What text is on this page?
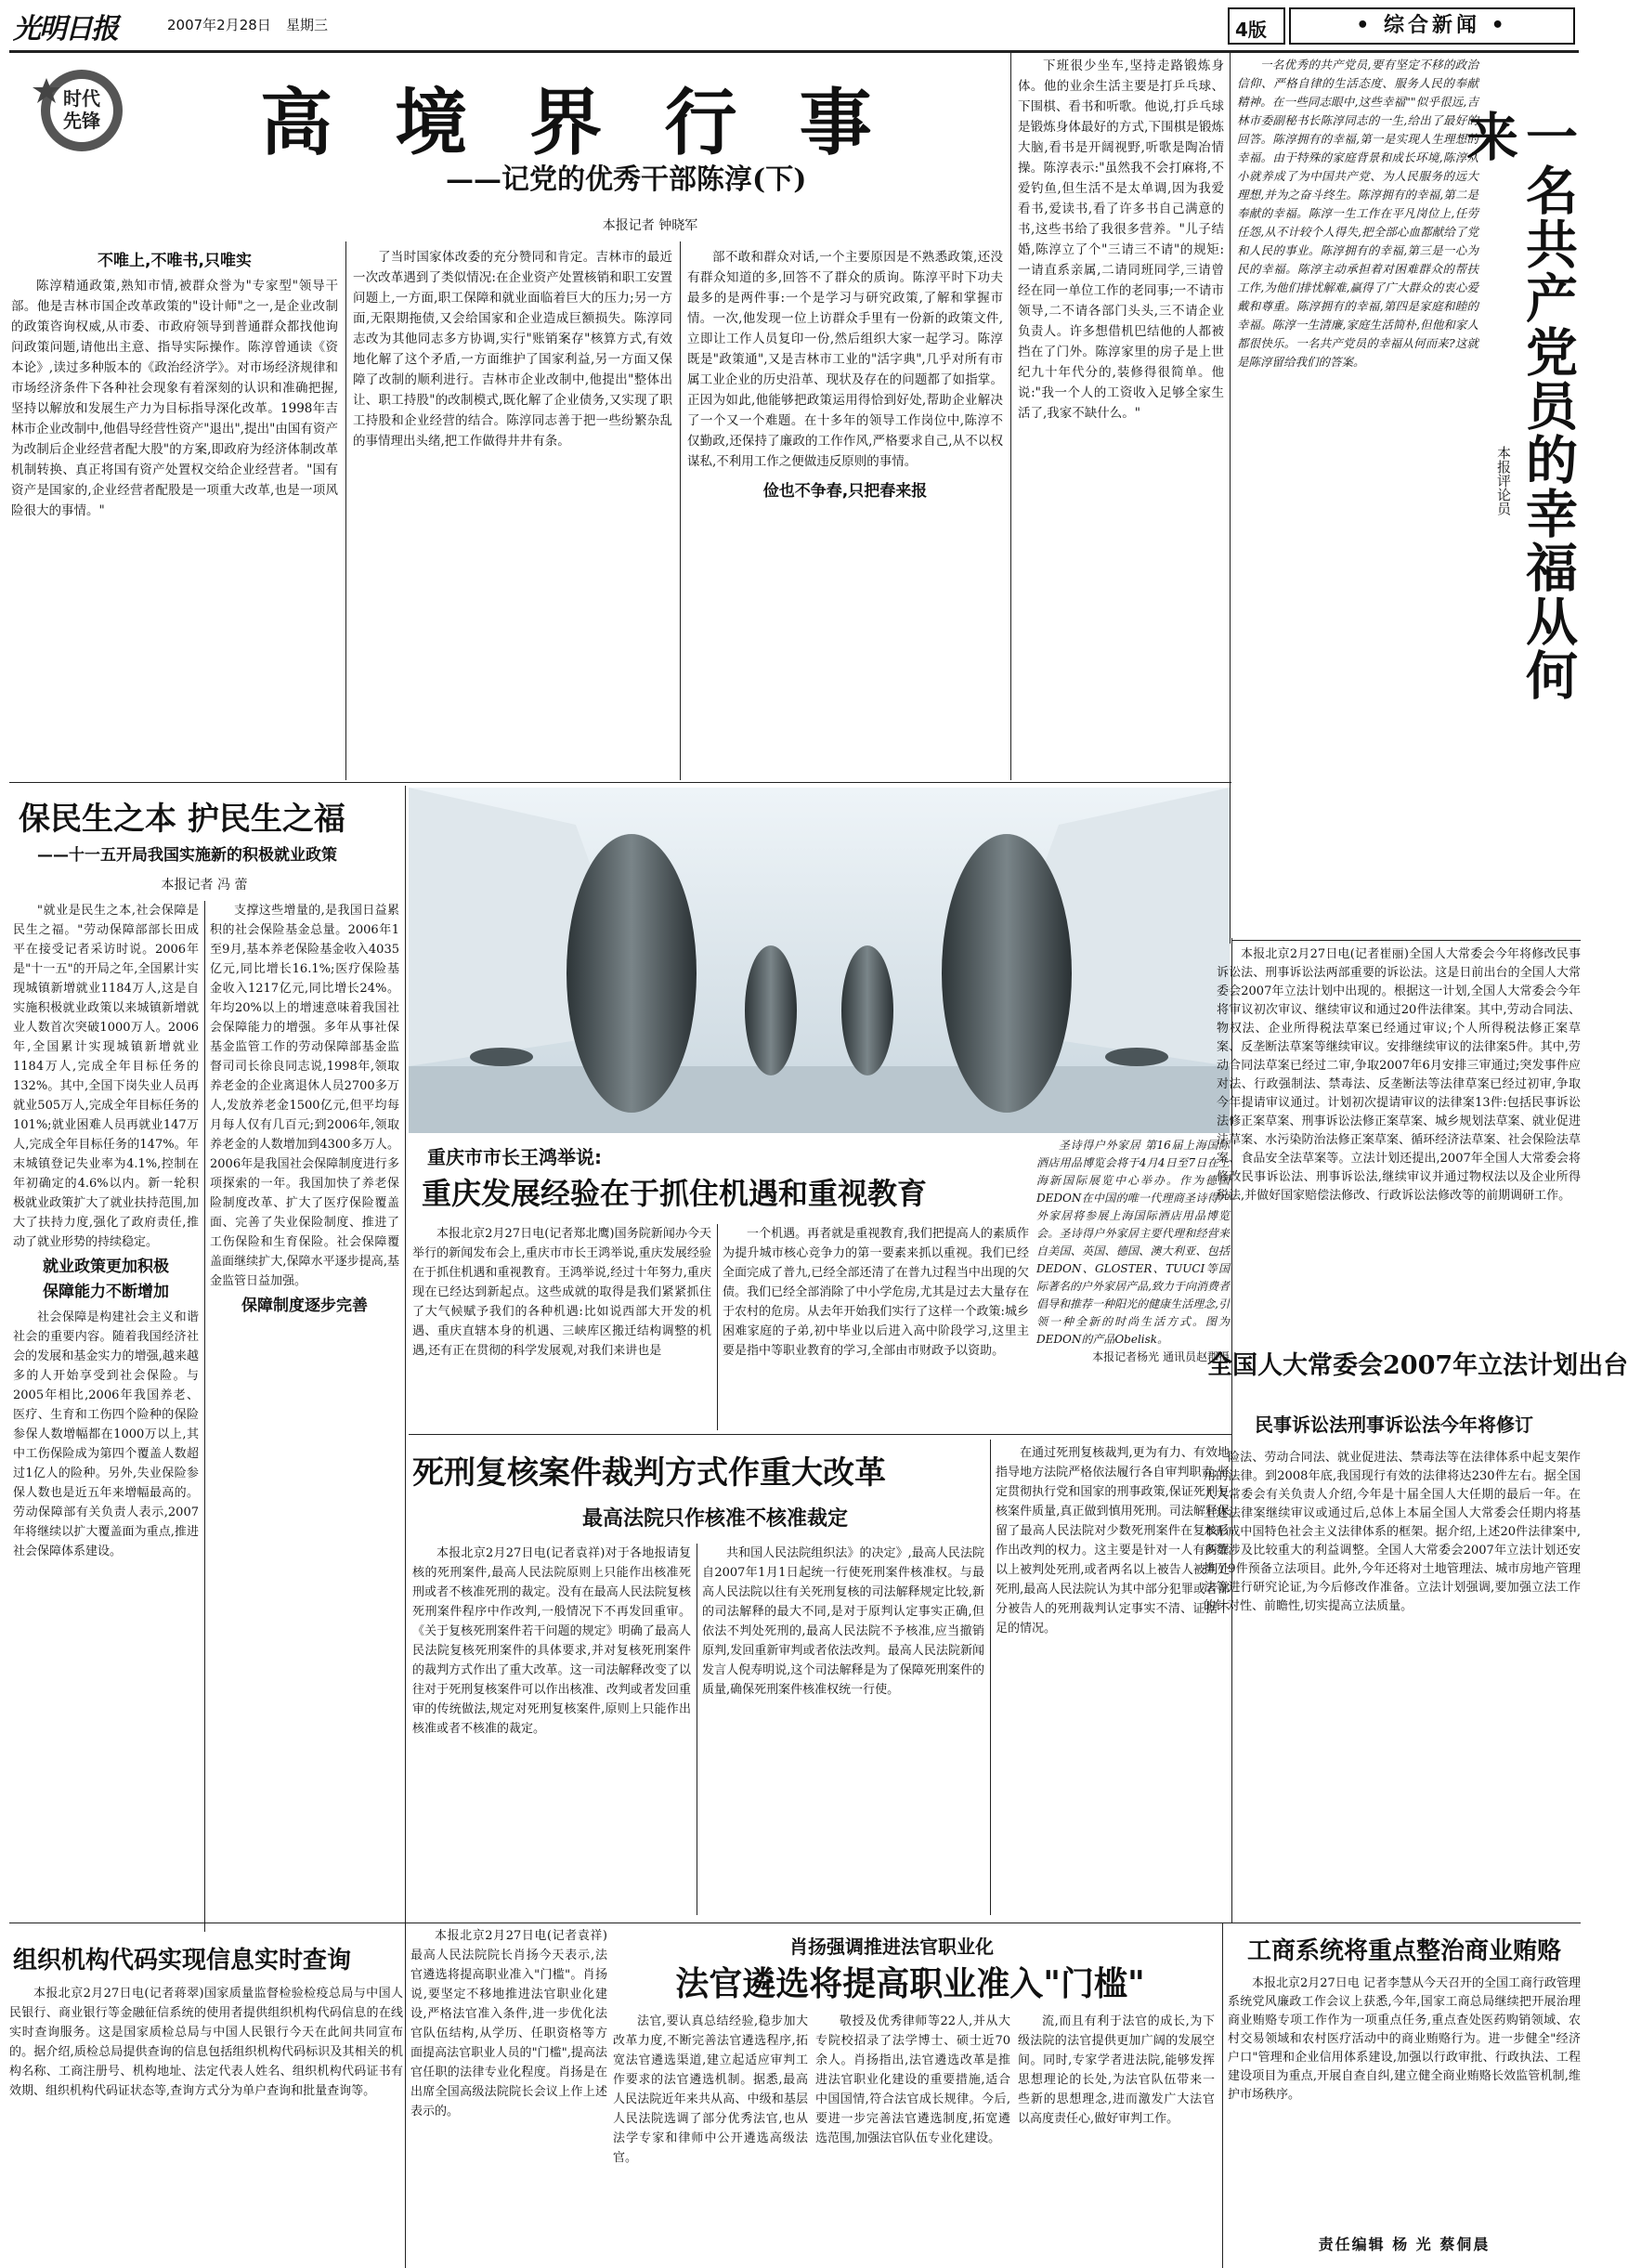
光明日报	2007年2月28日 星期三	4版	• 综合新闻 •
时代先锋 高 境 界 行 事
——记党的优秀干部陈淳(下)
本报记者 钟晓军
不唯上,不唯书,只唯实

陈淳精通政策,熟知市情,被群众誉为"专家型"领导干部。他是吉林市国企改革政策的"设计师"之一,是企业改制的政策咨询权威,从市委、市政府领导到普通群众都找他询问政策问题,请他出主意、指导实际操作。陈淳曾通读《资本论》,读过多种版本的《政治经济学》。对市场经济规律和市场经济条件下各种社会现象有着深刻的认识和准确把握,坚持以解放和发展生产力为目标指导深化改革。1998年吉林市企业改制中,他倡导经营性资产"退出",提出"由国有资产为改制后企业经营者配大股"的方案,即政府为经济体制改革机制转换、真正将国有资产处置权交给企业经营者。"国有资产是国家的,企业经营者配股是一项重大改革,也是一项风险很大的事情。"

了当时国家体改委的充分赞同和肯定。吉林市的最近一次改革遇到了类似情况:在企业资产处置核销和职工安置问题上,一方面,职工保障和就业面临着巨大的压力;另一方面,无限期拖债,又会给国家和企业造成巨额损失。陈淳同志改为其他同志多方协调,实行"账销案存"核算方式,有效地化解了这个矛盾,一方面维护了国家利益,另一方面又保障了改制的顺利进行。吉林市企业改制中,他提出"整体出让、职工持股"的改制模式,既化解了企业债务,又实现了职工持股和企业经营的结合。陈淳同志善于把一些纷繁杂乱的事情理出头绪,把工作做得井井有条。

部不敢和群众对话,一个主要原因是不熟悉政策,还没有群众知道的多,回答不了群众的质询。陈淳平时下功夫最多的是两件事:一个是学习与研究政策,了解和掌握市情。一次,他发现一位上访群众手里有一份新的政策文件,立即让工作人员复印一份,然后组织大家一起学习。陈淳既是"政策通",又是吉林市工业的"活字典",几乎对所有市属工业企业的历史沿革、现状及存在的问题都了如指掌。正因为如此,他能够把政策运用得恰到好处,帮助企业解决了一个又一个难题。在十多年的领导工作岗位中,陈淳不仅勤政,还保持了廉政的工作作风,严格要求自己,从不以权谋私,不利用工作之便做违反原则的事情。

俭也不争春,只把春来报

下班很少坐车,坚持走路锻炼身体。他的业余生活主要是打乒乓球、下围棋、看书和听歌。他说,打乒乓球是锻炼身体最好的方式,下围棋是锻炼大脑,看书是开阔视野,听歌是陶冶情操。陈淳表示:"虽然我不会打麻将,不爱钓鱼,但生活不是太单调,因为我爱看书,爱读书,看了许多书自己满意的书,这些书给了我很多营养。"儿子结婚,陈淳立了个"三请三不请"的规矩:一请直系亲属,二请同班同学,三请曾经在同一单位工作的老同事;一不请市领导,二不请各部门头头,三不请企业负责人。许多想借机巴结他的人都被挡在了门外。陈淳家里的房子是上世纪九十年代分的,装修得很简单。他说:"我一个人的工资收入足够全家生活了,我家不缺什么。"	一名共产党员的幸福从何来
本报评论员

一名优秀的共产党员,要有坚定不移的政治信仰、严格自律的生活态度、服务人民的奉献精神。在一些同志眼中,这些幸福""似乎很远,吉林市委副秘书长陈淳同志的一生,给出了最好的回答。陈淳拥有的幸福,第一是实现人生理想的幸福。由于特殊的家庭背景和成长环境,陈淳从小就养成了为中国共产党、为人民服务的远大理想,并为之奋斗终生。陈淳拥有的幸福,第二是奉献的幸福。陈淳一生工作在平凡岗位上,任劳任怨,从不计较个人得失,把全部心血都献给了党和人民的事业。陈淳拥有的幸福,第三是一心为民的幸福。陈淳主动承担着对困难群众的帮扶工作,为他们排忧解难,赢得了广大群众的衷心爱戴和尊重。陈淳拥有的幸福,第四是家庭和睦的幸福。陈淳一生清廉,家庭生活简朴,但他和家人都很快乐。一名共产党员的幸福从何而来?这就是陈淳留给我们的答案。

保民生之本 护民生之福
——十一五开局我国实施新的积极就业政策
本报记者 冯 蕾

"就业是民生之本,社会保障是民生之福。"劳动保障部部长田成平在接受记者采访时说。2006年是"十一五"的开局之年,全国累计实现城镇新增就业1184万人,这是自实施积极就业政策以来城镇新增就业人数首次突破1000万人。2006年,全国累计实现城镇新增就业1184万人,完成全年目标任务的132%。其中,全国下岗失业人员再就业505万人,完成全年目标任务的101%;就业困难人员再就业147万人,完成全年目标任务的147%。年末城镇登记失业率为4.1%,控制在年初确定的4.6%以内。新一轮积极就业政策扩大了就业扶持范围,加大了扶持力度,强化了政府责任,推动了就业形势的持续稳定。

就业政策更加积极
保障能力不断增加

社会保障是构建社会主义和谐社会的重要内容。随着我国经济社会的发展和基金实力的增强,越来越多的人开始享受到社会保险。与2005年相比,2006年我国养老、医疗、生育和工伤四个险种的保险参保人数增幅都在1000万以上,其中工伤保险成为第四个覆盖人数超过1亿人的险种。另外,失业保险参保人数也是近五年来增幅最高的。劳动保障部有关负责人表示,2007年将继续以扩大覆盖面为重点,推进社会保障体系建设。

支撑这些增量的,是我国日益累积的社会保险基金总量。2006年1至9月,基本养老保险基金收入4035亿元,同比增长16.1%;医疗保险基金收入1217亿元,同比增长24%。年均20%以上的增速意味着我国社会保障能力的增强。多年从事社保基金监管工作的劳动保障部基金监督司司长徐良同志说,1998年,领取养老金的企业离退休人员2700多万人,发放养老金1500亿元,但平均每月每人仅有几百元;到2006年,领取养老金的人数增加到4300多万人。2006年是我国社会保障制度进行多项探索的一年。我国加快了养老保险制度改革、扩大了医疗保险覆盖面、完善了失业保险制度、推进了工伤保险和生育保险。社会保障覆盖面继续扩大,保障水平逐步提高,基金监管日益加强。

保障制度逐步完善
重庆市市长王鸿举说:
重庆发展经验在于抓住机遇和重视教育

本报北京2月27日电(记者郑北鹰)国务院新闻办今天举行的新闻发布会上,重庆市市长王鸿举说,重庆发展经验在于抓住机遇和重视教育。王鸿举说,经过十年努力,重庆现在已经达到新起点。这些成就的取得是我们紧紧抓住了大气候赋予我们的各种机遇:比如说西部大开发的机遇、重庆直辖本身的机遇、三峡库区搬迁结构调整的机遇,还有正在贯彻的科学发展观,对我们来讲也是

一个机遇。再者就是重视教育,我们把提高人的素质作为提升城市核心竞争力的第一要素来抓以重视。我们已经全面完成了普九,已经全部还清了在普九过程当中出现的欠债。我们已经全部消除了中小学危房,尤其是过去大量存在于农村的危房。从去年开始我们实行了这样一个政策:城乡困难家庭的子弟,初中毕业以后进入高中阶段学习,这里主要是指中等职业教育的学习,全部由市财政予以资助。

圣诗得户外家居 第16届上海国际酒店用品博览会将于4月4日至7日在上海新国际展览中心举办。作为德国DEDON在中国的唯一代理商圣诗得户外家居将参展上海国际酒店用品博览会。圣诗得户外家居主要代理和经营来自美国、英国、德国、澳大利亚、包括DEDON、GLOSTER、TUUCI等国际著名的户外家居产品,致力于向消费者倡导和推荐一种阳光的健康生活理念,引领一种全新的时尚生活方式。图为DEDON的产品Obelisk。

本报记者杨光 通讯员赵郡摄
死刑复核案件裁判方式作重大改革
最高法院只作核准不核准裁定

本报北京2月27日电(记者袁祥)对于各地报请复核的死刑案件,最高人民法院原则上只能作出核准死刑或者不核准死刑的裁定。没有在最高人民法院复核死刑案件程序中作改判,一般情况下不再发回重审。《关于复核死刑案件若干问题的规定》明确了最高人民法院复核死刑案件的具体要求,并对复核死刑案件的裁判方式作出了重大改革。这一司法解释改变了以往对于死刑复核案件可以作出核准、改判或者发回重审的传统做法,规定对死刑复核案件,原则上只能作出核准或者不核准的裁定。

共和国人民法院组织法》的决定》,最高人民法院自2007年1月1日起统一行使死刑案件核准权。与最高人民法院以往有关死刑复核的司法解释规定比较,新的司法解释的最大不同,是对于原判认定事实正确,但依法不判处死刑的,最高人民法院不予核准,应当撤销原判,发回重新审判或者依法改判。最高人民法院新闻发言人倪寿明说,这个司法解释是为了保障死刑案件的质量,确保死刑案件核准权统一行使。

在通过死刑复核裁判,更为有力、有效地指导地方法院严格依法履行各自审判职责;坚定贯彻执行党和国家的刑事政策,保证死刑复核案件质量,真正做到慎用死刑。司法解释保留了最高人民法院对少数死刑案件在复核后作出改判的权力。这主要是针对一人有两罪以上被判处死刑,或者两名以上被告人被判处死刑,最高人民法院认为其中部分犯罪或者部分被告人的死刑裁判认定事实不清、证据不足的情况。

本报北京2月27日电(记者崔丽)全国人大常委会今年将修改民事诉讼法、刑事诉讼法两部重要的诉讼法。这是日前出台的全国人大常委会2007年立法计划中出现的。根据这一计划,全国人大常委会今年将审议初次审议、继续审议和通过20件法律案。其中,劳动合同法、物权法、企业所得税法草案已经通过审议;个人所得税法修正案草案、反垄断法草案等继续审议。安排继续审议的法律案5件。其中,劳动合同法草案已经过二审,争取2007年6月安排三审通过;突发事件应对法、行政强制法、禁毒法、反垄断法等法律草案已经过初审,争取今年提请审议通过。计划初次提请审议的法律案13件:包括民事诉讼法修正案草案、刑事诉讼法修正案草案、城乡规划法草案、就业促进法草案、水污染防治法修正案草案、循环经济法草案、社会保险法草案、食品安全法草案等。立法计划还提出,2007年全国人大常委会将修改民事诉讼法、刑事诉讼法,继续审议并通过物权法以及企业所得税法,并做好国家赔偿法修改、行政诉讼法修改等的前期调研工作。

全国人大常委会2007年立法计划出台
民事诉讼法刑事诉讼法今年将修订

险法、劳动合同法、就业促进法、禁毒法等在法律体系中起支架作用的法律。到2008年底,我国现行有效的法律将达230件左右。据全国人大常委会有关负责人介绍,今年是十届全国人大任期的最后一年。在上述法律案继续审议或通过后,总体上本届全国人大常委会任期内将基本形成中国特色社会主义法律体系的框架。据介绍,上述20件法律案中,多数涉及比较重大的利益调整。全国人大常委会2007年立法计划还安排了9件预备立法项目。此外,今年还将对土地管理法、城市房地产管理法等进行研究论证,为今后修改作准备。立法计划强调,要加强立法工作的针对性、前瞻性,切实提高立法质量。

组织机构代码实现信息实时查询

本报北京2月27日电(记者蒋翠)国家质量监督检验检疫总局与中国人民银行、商业银行等金融征信系统的使用者提供组织机构代码信息的在线实时查询服务。这是国家质检总局与中国人民银行今天在此间共同宣布的。据介绍,质检总局提供查询的信息包括组织机构代码标识及其相关的机构名称、工商注册号、机构地址、法定代表人姓名、组织机构代码证书有效期、组织机构代码证状态等,查询方式分为单户查询和批量查询等。

肖扬强调推进法官职业化
法官遴选将提高职业准入"门槛"

本报北京2月27日电(记者袁祥)最高人民法院院长肖扬今天表示,法官遴选将提高职业准入"门槛"。肖扬说,要坚定不移地推进法官职业化建设,严格法官准入条件,进一步优化法官队伍结构,从学历、任职资格等方面提高法官职业人员的"门槛",提高法官任职的法律专业化程度。肖扬是在出席全国高级法院院长会议上作上述表示的。

法官,要认真总结经验,稳步加大改革力度,不断完善法官遴选程序,拓宽法官遴选渠道,建立起适应审判工作要求的法官遴选机制。据悉,最高人民法院近年来共从高、中级和基层人民法院选调了部分优秀法官,也从法学专家和律师中公开遴选高级法官。

敬授及优秀律师等22人,并从大专院校招录了法学博士、硕士近70余人。肖扬指出,法官遴选改革是推进法官职业化建设的重要措施,适合中国国情,符合法官成长规律。今后,要进一步完善法官遴选制度,拓宽遴选范围,加强法官队伍专业化建设。

流,而且有利于法官的成长,为下级法院的法官提供更加广阔的发展空间。同时,专家学者进法院,能够发挥思想理论的长处,为法官队伍带来一些新的思想理念,进而激发广大法官以高度责任心,做好审判工作。

工商系统将重点整治商业贿赂

本报北京2月27日电 记者李慧从今天召开的全国工商行政管理系统党风廉政工作会议上获悉,今年,国家工商总局继续把开展治理商业贿赂专项工作作为一项重点任务,重点查处医药购销领域、农村交易领域和农村医疗活动中的商业贿赂行为。进一步健全"经济户口"管理和企业信用体系建设,加强以行政审批、行政执法、工程建设项目为重点,开展自查自纠,建立健全商业贿赂长效监管机制,维护市场秩序。

责任编辑 杨 光 蔡侗晨
